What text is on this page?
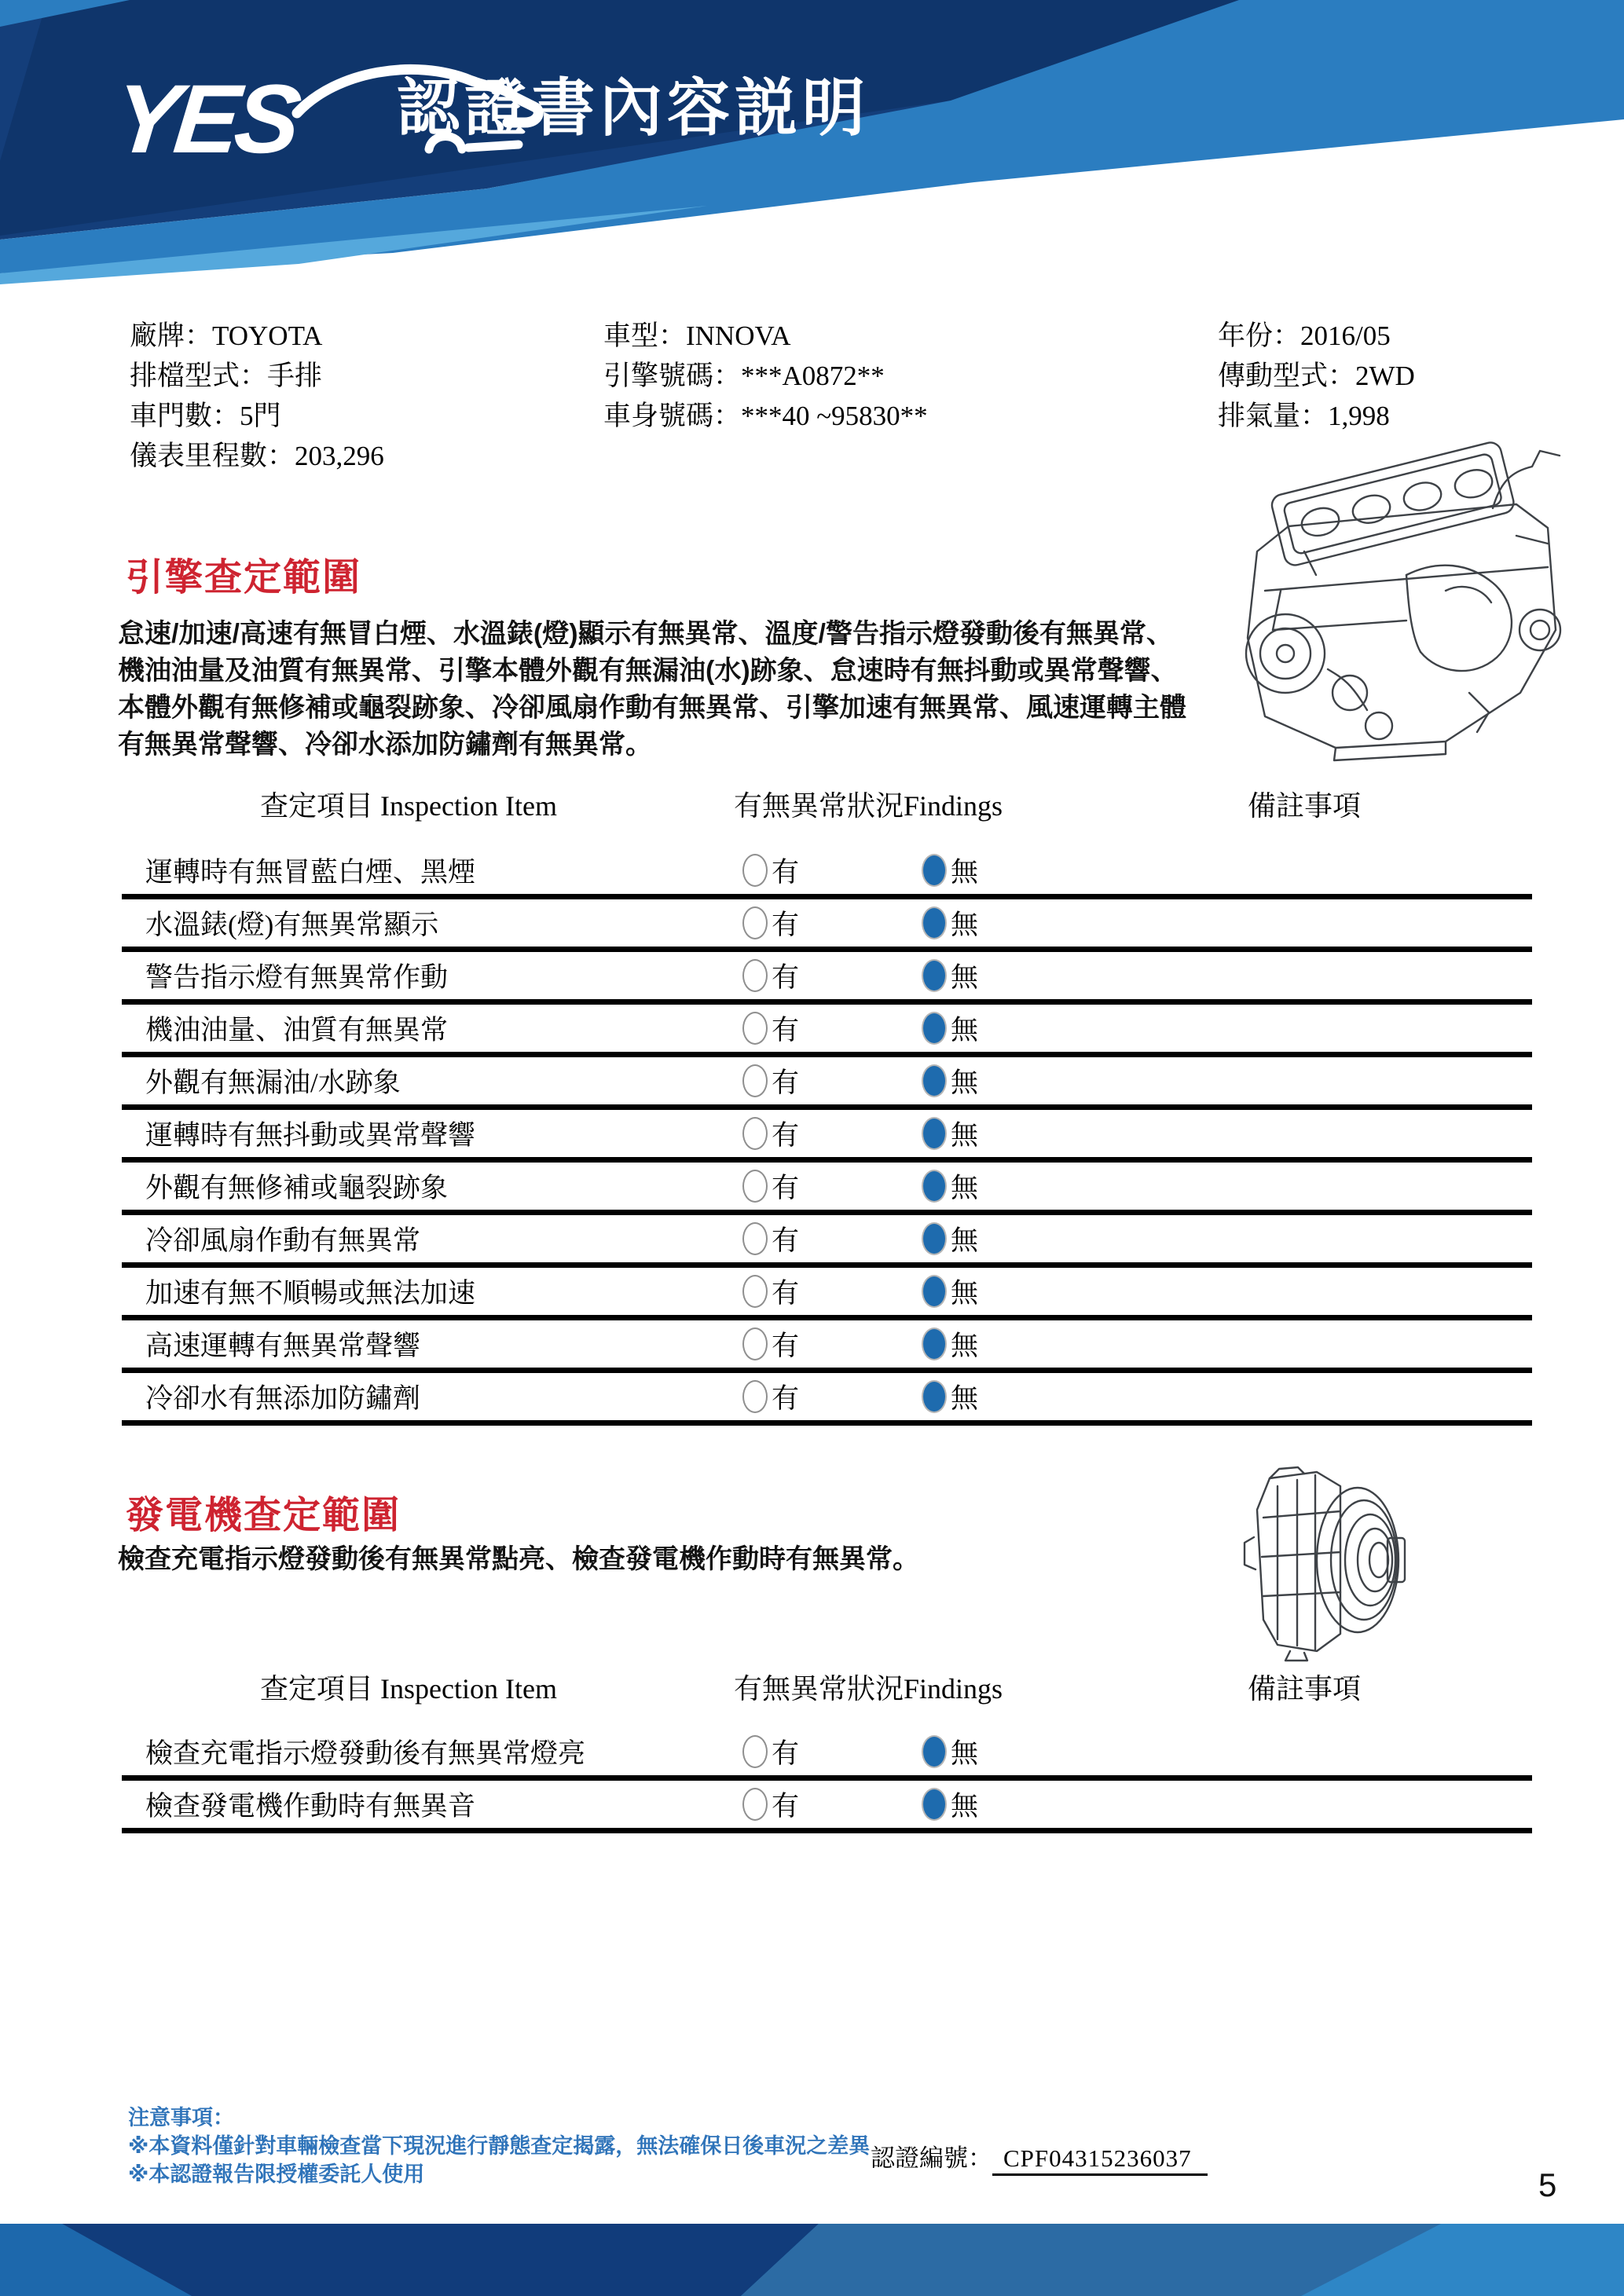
YES 認證書內容説明
廠牌：TOYOTA
排檔型式：手排
車門數：5門
儀表里程數：203,296
車型：INNOVA
引擎號碼：***A0872**
車身號碼：***40 ~95830**
年份：2016/05
傳動型式：2WD
排氣量：1,998
引擎查定範圍
怠速/加速/高速有無冒白煙、水溫錶(燈)顯示有無異常、溫度/警告指示燈發動後有無異常、
機油油量及油質有無異常、引擎本體外觀有無漏油(水)跡象、怠速時有無抖動或異常聲響、
本體外觀有無修補或龜裂跡象、冷卻風扇作動有無異常、引擎加速有無異常、風速運轉主體
有無異常聲響、冷卻水添加防鏽劑有無異常。
查定項目 Inspection Item	有無異常狀況Findings	備註事項
運轉時有無冒藍白煙、黑煙	有	無
水溫錶(燈)有無異常顯示	有	無
警告指示燈有無異常作動	有	無
機油油量、油質有無異常	有	無
外觀有無漏油/水跡象	有	無
運轉時有無抖動或異常聲響	有	無
外觀有無修補或龜裂跡象	有	無
冷卻風扇作動有無異常	有	無
加速有無不順暢或無法加速	有	無
高速運轉有無異常聲響	有	無
冷卻水有無添加防鏽劑	有	無
發電機查定範圍
檢查充電指示燈發動後有無異常點亮、檢查發電機作動時有無異常。
查定項目 Inspection Item	有無異常狀況Findings	備註事項
檢查充電指示燈發動後有無異常燈亮	有	無
檢查發電機作動時有無異音	有	無
注意事項：
※本資料僅針對車輛檢查當下現況進行靜態查定揭露，無法確保日後車況之差異
※本認證報告限授權委託人使用
認證編號： CPF04315236037
5
